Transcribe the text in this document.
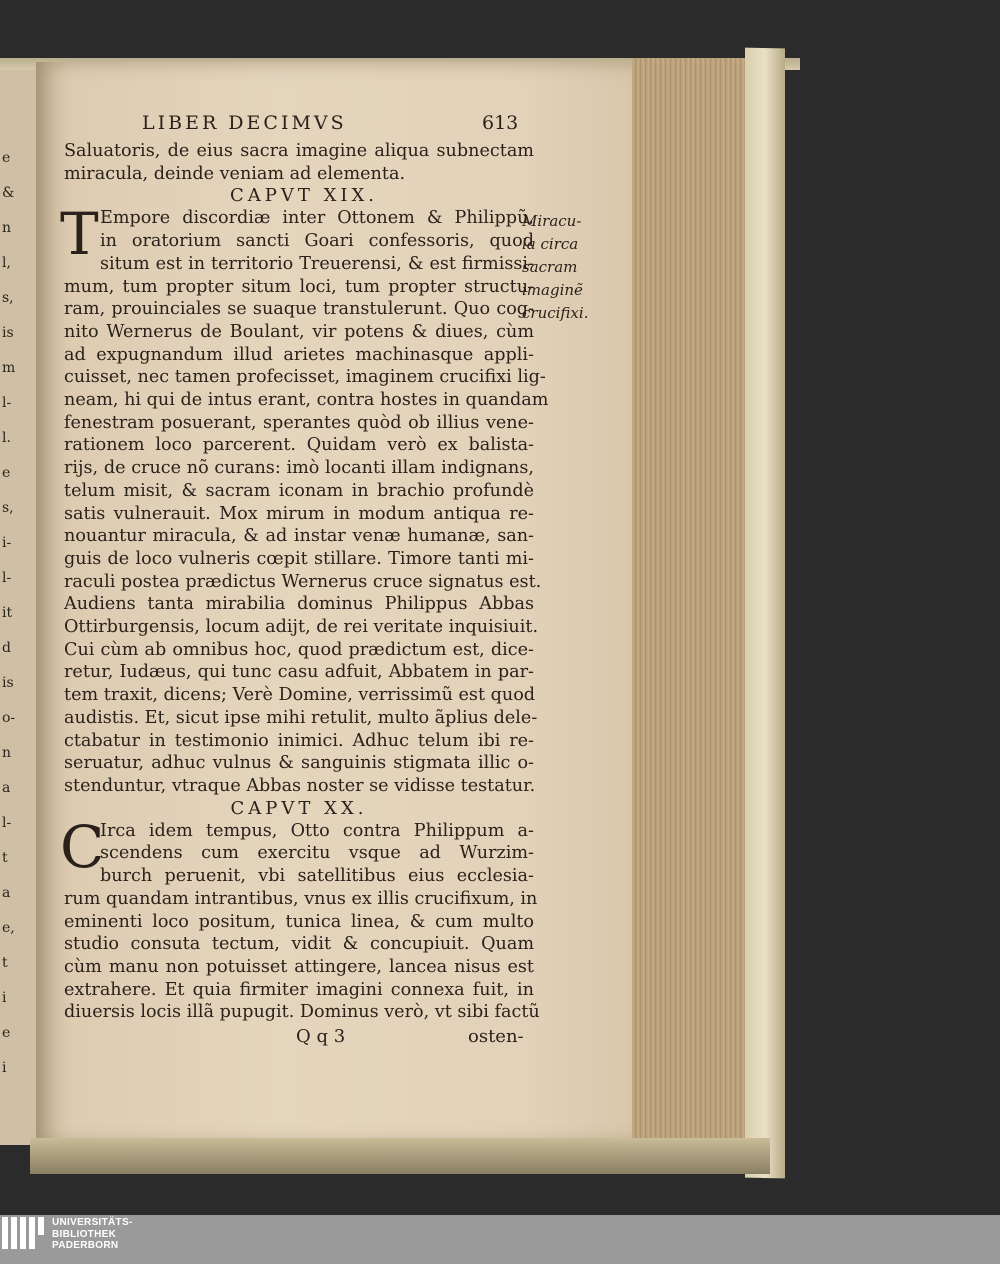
e
&
n
l,
s,
is
m
l-
l.
e
s,
i-
l-
it
d
is
o-
n
a
l-
t
a
e,
t
i
e
i
LIBER DECIMVS	613
Saluatoris, de eius sacra imagine aliqua subnectam
miracula, deinde veniam ad elementa.
CAPVT XIX.
T Empore discordiæ inter Ottonem & Philippũ,
in oratorium sancti Goari confessoris, quod
situm est in territorio Treuerensi, & est firmissi-
mum, tum propter situm loci, tum propter structu-
ram, prouinciales se suaque transtulerunt. Quo cog-
nito Wernerus de Boulant, vir potens & diues, cùm
ad expugnandum illud arietes machinasque appli-
cuisset, nec tamen profecisset, imaginem crucifixi lig-
neam, hi qui de intus erant, contra hostes in quandam
fenestram posuerant, sperantes quòd ob illius vene-
rationem loco parcerent. Quidam verò ex balista-
rijs, de cruce nõ curans: imò locanti illam indignans,
telum misit, & sacram iconam in brachio profundè
satis vulnerauit. Mox mirum in modum antiqua re-
nouantur miracula, & ad instar venæ humanæ, san-
guis de loco vulneris cœpit stillare. Timore tanti mi-
raculi postea prædictus Wernerus cruce signatus est.
Audiens tanta mirabilia dominus Philippus Abbas
Ottirburgensis, locum adijt, de rei veritate inquisiuit.
Cui cùm ab omnibus hoc, quod prædictum est, dice-
retur, Iudæus, qui tunc casu adfuit, Abbatem in par-
tem traxit, dicens; Verè Domine, verrissimũ est quod
audistis. Et, sicut ipse mihi retulit, multo ãplius dele-
ctabatur in testimonio inimici. Adhuc telum ibi re-
seruatur, adhuc vulnus & sanguinis stigmata illic o-
stenduntur, vtraque Abbas noster se vidisse testatur.
CAPVT XX.
C
Irca idem tempus, Otto contra Philippum a-
scendens cum exercitu vsque ad Wurzim-
burch peruenit, vbi satellitibus eius ecclesia-
rum quandam intrantibus, vnus ex illis crucifixum, in
eminenti loco positum, tunica linea, & cum multo
studio consuta tectum, vidit & concupiuit. Quam
cùm manu non potuisset attingere, lancea nisus est
extrahere. Et quia firmiter imagini connexa fuit, in
diuersis locis illã pupugit. Dominus verò, vt sibi factũ
Q q 3	osten-
Miracu-
la circa
sacram
imaginẽ
crucifixi.
UNIVERSITÄTS-
BIBLIOTHEK
PADERBORN
